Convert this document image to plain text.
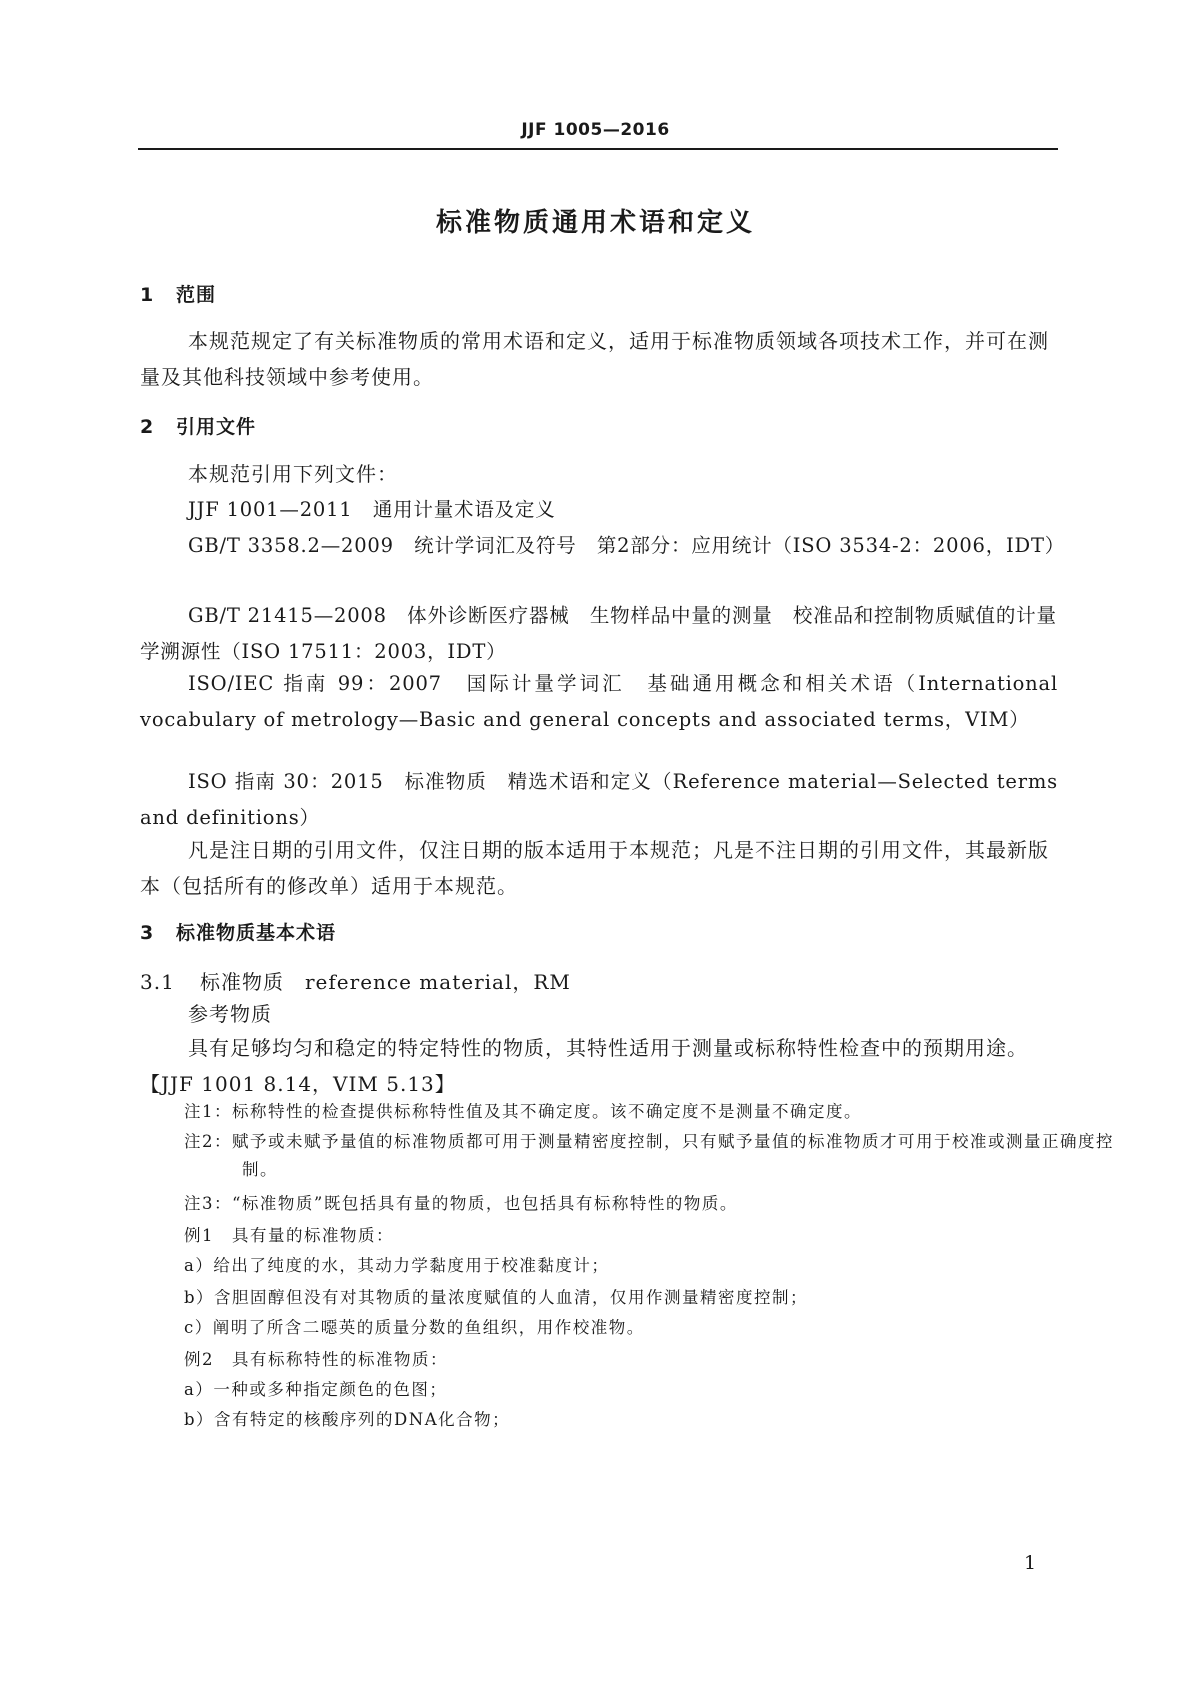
JJF 1005—2016
标准物质通用术语和定义
1 范围
本规范规定了有关标准物质的常用术语和定义，适用于标准物质领域各项技术工作，并可在测量及其他科技领域中参考使用。
2 引用文件
本规范引用下列文件：
JJF 1001—2011　通用计量术语及定义
GB/T 3358.2—2009　统计学词汇及符号　第2部分：应用统计（ISO 3534-2：2006，IDT）
GB/T 21415—2008　体外诊断医疗器械　生物样品中量的测量　校准品和控制物质赋值的计量学溯源性（ISO 17511：2003，IDT）
ISO/IEC 指南 99：2007　国际计量学词汇　基础通用概念和相关术语（International vocabulary of metrology—Basic and general concepts and associated terms，VIM）
ISO 指南 30：2015　标准物质　精选术语和定义（Reference material—Selected terms and definitions）
凡是注日期的引用文件，仅注日期的版本适用于本规范；凡是不注日期的引用文件，其最新版本（包括所有的修改单）适用于本规范。
3 标准物质基本术语
3.1 标准物质　reference material，RM
参考物质
具有足够均匀和稳定的特定特性的物质，其特性适用于测量或标称特性检查中的预期用途。【JJF 1001 8.14，VIM 5.13】
注1：标称特性的检查提供标称特性值及其不确定度。该不确定度不是测量不确定度。
注2：赋予或未赋予量值的标准物质都可用于测量精密度控制，只有赋予量值的标准物质才可用于校准或测量正确度控制。
注3：“标准物质”既包括具有量的物质，也包括具有标称特性的物质。
例1　具有量的标准物质：
a）给出了纯度的水，其动力学黏度用于校准黏度计；
b）含胆固醇但没有对其物质的量浓度赋值的人血清，仅用作测量精密度控制；
c）阐明了所含二噁英的质量分数的鱼组织，用作校准物。
例2　具有标称特性的标准物质：
a）一种或多种指定颜色的色图；
b）含有特定的核酸序列的DNA化合物；
1
